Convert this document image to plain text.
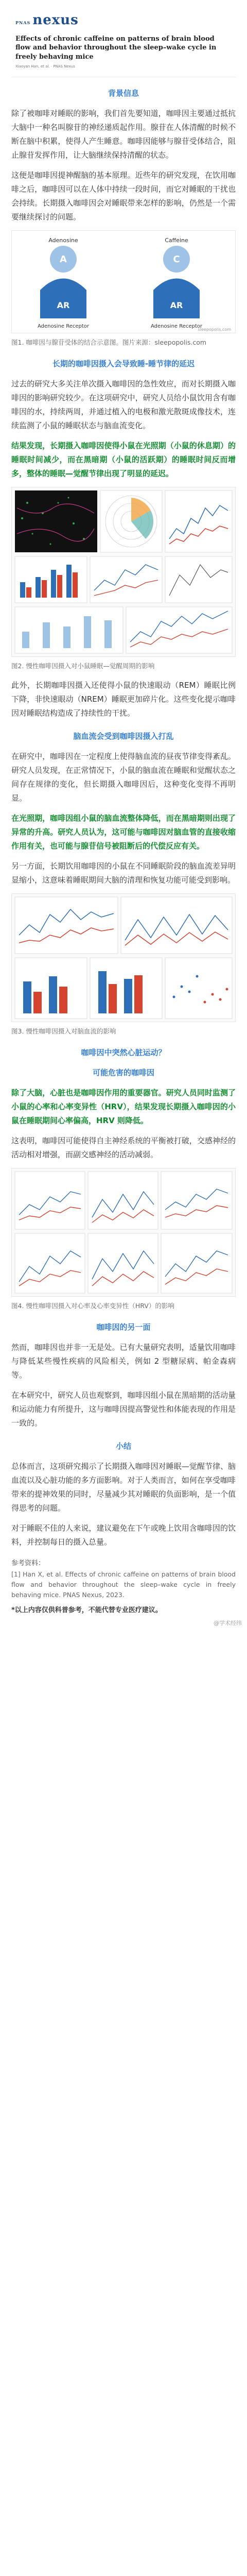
PNAS nexus
Effects of chronic caffeine on patterns of brain blood flow and behavior throughout the sleep–wake cycle in freely behaving mice
Xiaoyan Han, et al. · PNAS Nexus
背景信息

除了被咖啡对睡眠的影响，我们首先要知道，咖啡因主要通过抵抗大脑中一种名叫腺苷的神经递质起作用。腺苷在人体清醒的时候不断在脑中积累，使得人产生睡意。咖啡因能够与腺苷受体结合，阻止腺苷发挥作用，让大脑继续保持清醒的状态。

这便是咖啡因提神醒脑的基本原理。近些年的研究发现，在饮用咖啡之后，咖啡因可以在人体中持续一段时间，而它对睡眠的干扰也会持续。长期摄入咖啡因会对睡眠带来怎样的影响，仍然是一个需要继续探讨的问题。

Adenosine
A
AR
Adenosine Receptor
Caffeine
C
AR
Adenosine Receptor
sleepopolis.com
图1. 咖啡因与腺苷受体的结合示意图。图片来源：sleepopolis.com
长期的咖啡因摄入会导致睡-睡节律的延迟

过去的研究大多关注单次摄入咖啡因的急性效应，而对长期摄入咖啡因的影响研究较少。在这项研究中，研究人员给小鼠饮用含有咖啡因的水，持续两周，并通过植入的电极和激光散斑成像技术，连续监测了小鼠的睡眠状态与脑血流变化。

结果发现，长期摄入咖啡因使得小鼠在光照期（小鼠的休息期）的睡眠时间减少，而在黑暗期（小鼠的活跃期）的睡眠时间反而增多，整体的睡眠—觉醒节律出现了明显的延迟。

图2. 慢性咖啡因摄入对小鼠睡眠—觉醒周期的影响

此外，长期咖啡因摄入还使得小鼠的快速眼动（REM）睡眠比例下降，非快速眼动（NREM）睡眠更加碎片化。这些变化提示咖啡因对睡眠结构造成了持续性的干扰。

脑血流会受到咖啡因摄入打乱

在研究中，咖啡因在一定程度上使得脑血流的昼夜节律变得紊乱。研究人员发现，在正常情况下，小鼠的脑血流在睡眠和觉醒状态之间存在规律的变化，但长期摄入咖啡因后，这种变化变得不再明显。

在光照期，咖啡因组小鼠的脑血流整体降低，而在黑暗期则出现了异常的升高。研究人员认为，这可能与咖啡因对脑血管的直接收缩作用有关，也可能与腺苷信号被阻断后的代偿反应有关。

另一方面，长期饮用咖啡因的小鼠在不同睡眠阶段的脑血流差异明显缩小，这意味着睡眠期间大脑的清理和恢复功能可能受到影响。

图3. 慢性咖啡因摄入对脑血流的影响
咖啡因中突然心脏运动？
可能危害的咖啡因

除了大脑，心脏也是咖啡因作用的重要器官。研究人员同时监测了小鼠的心率和心率变异性（HRV），结果发现长期摄入咖啡因的小鼠在睡眠期间心率偏高，HRV 则降低。

这表明，咖啡因可能使得自主神经系统的平衡被打破，交感神经的活动相对增强，而副交感神经的活动减弱。

图4. 慢性咖啡因摄入对心率及心率变异性（HRV）的影响
咖啡因的另一面

然而，咖啡因也并非一无是处。已有大量研究表明，适量饮用咖啡与降低某些慢性疾病的风险相关，例如 2 型糖尿病、帕金森病等。

在本研究中，研究人员也观察到，咖啡因组小鼠在黑暗期的活动量和运动能力有所提升，这与咖啡因提高警觉性和体能表现的作用是一致的。

小结

总体而言，这项研究揭示了长期摄入咖啡因对睡眠—觉醒节律、脑血流以及心脏功能的多方面影响。对于人类而言，如何在享受咖啡带来的提神效果的同时，尽量减少其对睡眠的负面影响，是一个值得思考的问题。

对于睡眠不佳的人来说，建议避免在下午或晚上饮用含咖啡因的饮料，并控制每日的摄入总量。

参考资料：
[1] Han X, et al. Effects of chronic caffeine on patterns of brain blood flow and behavior throughout the sleep–wake cycle in freely behaving mice. PNAS Nexus, 2023.
*以上内容仅供科普参考，不能代替专业医疗建议。
@学术经纬
